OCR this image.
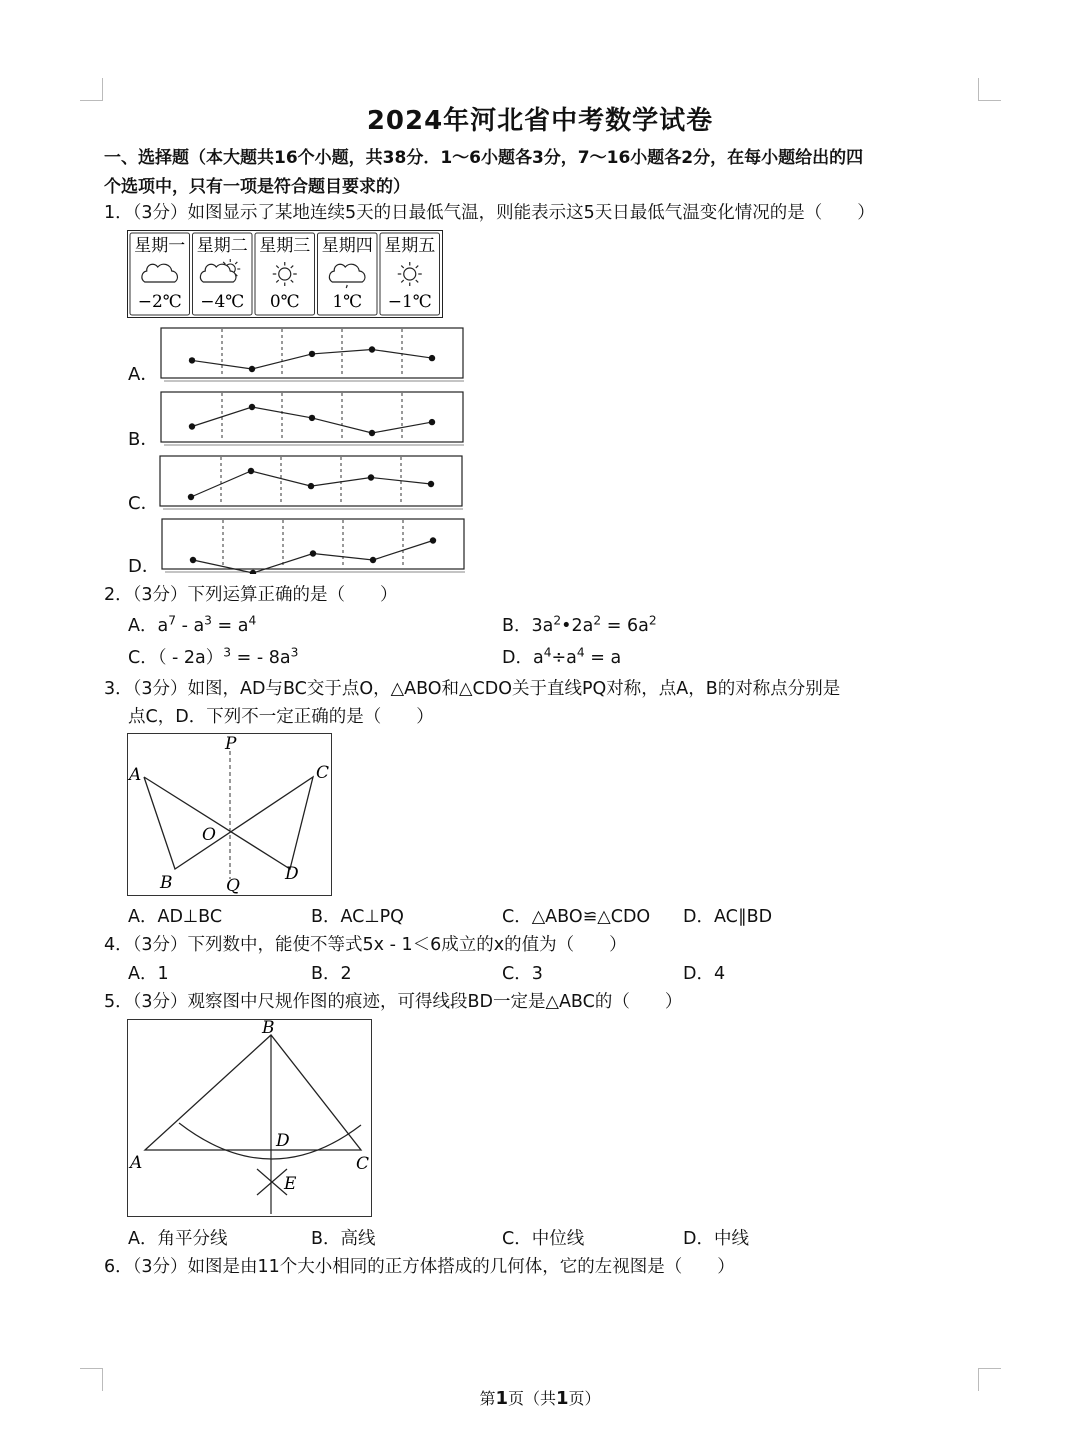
2024年河北省中考数学试卷
一、选择题（本大题共16个小题，共38分．1～6小题各3分，7～16小题各2分，在每小题给出的四
个选项中，只有一项是符合题目要求的）
1．（3分）如图显示了某地连续5天的日最低气温，则能表示这5天日最低气温变化情况的是（　　）
星期一
−2℃
星期二
−4℃
星期三
0℃
星期四
1℃
星期五
−1℃
A．
B．
C．
D．
2．（3分）下列运算正确的是（　　）
A．$a^7 - a^3 = a^4$	B．$3a^2•2a^2 = 6a^2$
C．（ - 2a）$^3$ = - $8a^3$	D．$a^4\div a^4 = a$
3．（3分）如图，AD与BC交于点O，△ABO和△CDO关于直线PQ对称，点A，B的对称点分别是
点C，D．下列不一定正确的是（　　）
P
A	C
O
B	Q
D
A．AD⊥BC	B．AC⊥PQ	C．△ABO≌△CDO D．AC∥BD
4．（3分）下列数中，能使不等式5x - 1＜6成立的x的值为（　　）
A．1	B．2	C．3	D．4
5．（3分）观察图中尺规作图的痕迹，可得线段BD一定是△ABC的（　　）
B
D
A	C
E
A．角平分线	B．高线	C．中位线	D．中线
6．（3分）如图是由11个大小相同的正方体搭成的几何体，它的左视图是（　　）
第1页（共1页）
